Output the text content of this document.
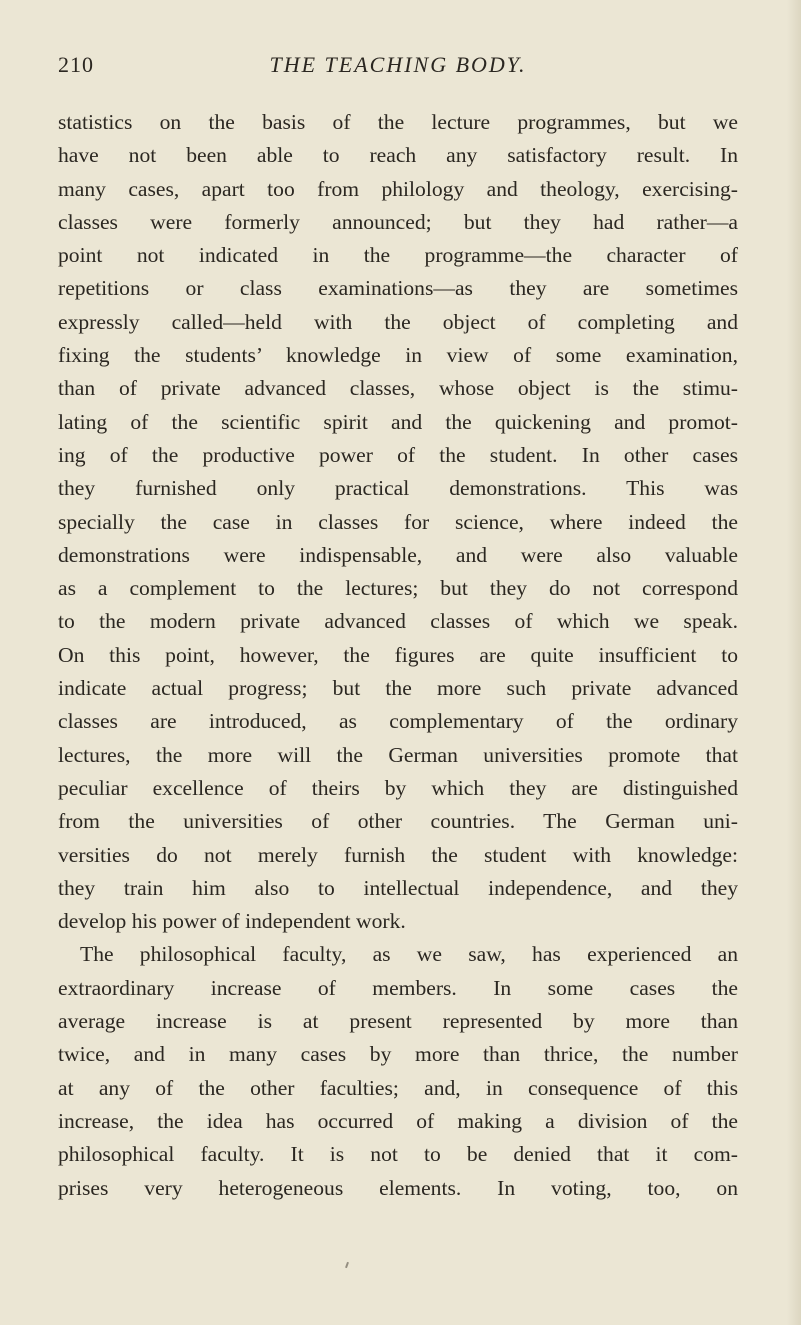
210	THE TEACHING BODY.
statistics on the basis of the lecture programmes, but we
have not been able to reach any satisfactory result. In
many cases, apart too from philology and theology, exercising-
classes were formerly announced; but they had rather—a
point not indicated in the programme—the character of
repetitions or class examinations—as they are sometimes
expressly called—held with the object of completing and
fixing the students’ knowledge in view of some examination,
than of private advanced classes, whose object is the stimu-
lating of the scientific spirit and the quickening and promot-
ing of the productive power of the student. In other cases
they furnished only practical demonstrations. This was
specially the case in classes for science, where indeed the
demonstrations were indispensable, and were also valuable
as a complement to the lectures; but they do not correspond
to the modern private advanced classes of which we speak.
On this point, however, the figures are quite insufficient to
indicate actual progress; but the more such private advanced
classes are introduced, as complementary of the ordinary
lectures, the more will the German universities promote that
peculiar excellence of theirs by which they are distinguished
from the universities of other countries. The German uni-
versities do not merely furnish the student with knowledge:
they train him also to intellectual independence, and they
develop his power of independent work.
The philosophical faculty, as we saw, has experienced an
extraordinary increase of members. In some cases the
average increase is at present represented by more than
twice, and in many cases by more than thrice, the number
at any of the other faculties; and, in consequence of this
increase, the idea has occurred of making a division of the
philosophical faculty. It is not to be denied that it com-
prises very heterogeneous elements. In voting, too, on
